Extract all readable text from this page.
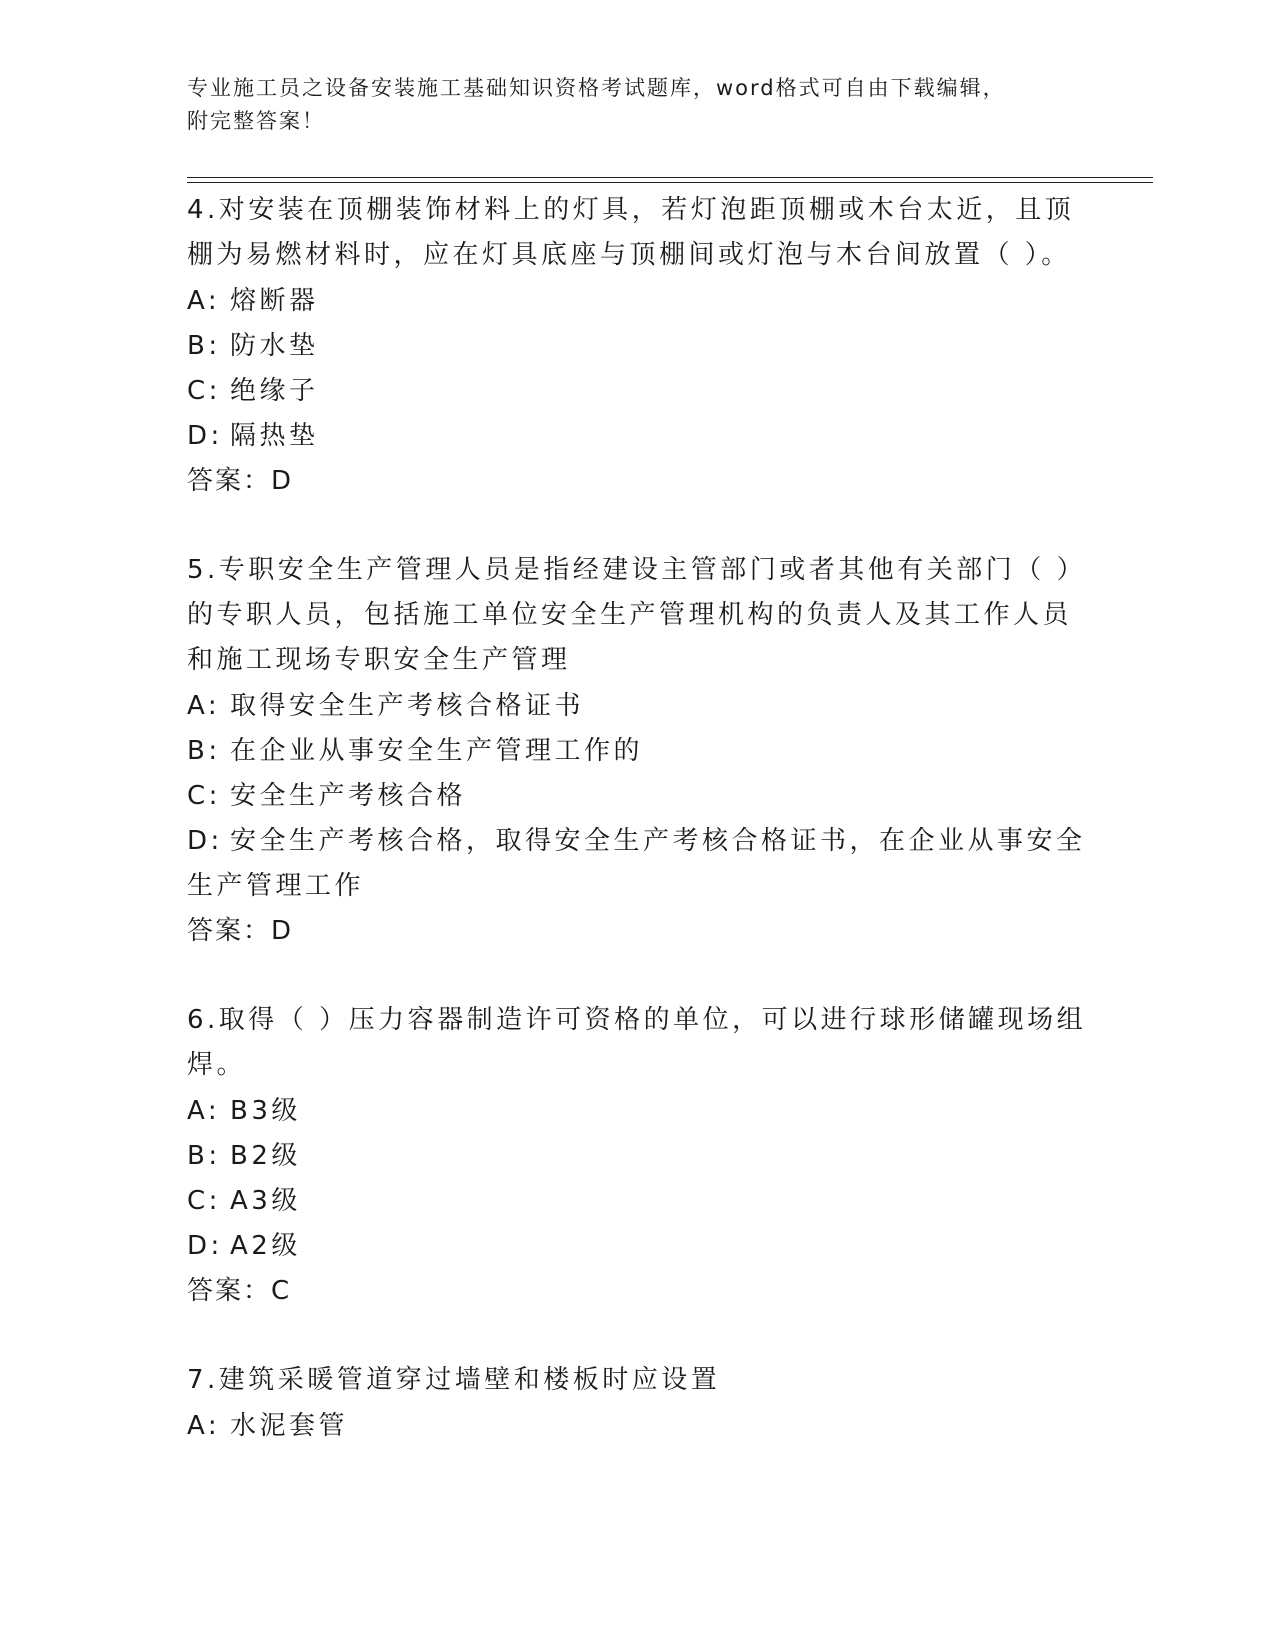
专业施工员之设备安装施工基础知识资格考试题库，word格式可自由下载编辑，
附完整答案！
4.对安装在顶棚装饰材料上的灯具，若灯泡距顶棚或木台太近，且顶棚为易燃材料时，应在灯具底座与顶棚间或灯泡与木台间放置（ ）。
A: 熔断器
B: 防水垫
C: 绝缘子
D: 隔热垫
答案：D
5.专职安全生产管理人员是指经建设主管部门或者其他有关部门（ ）的专职人员，包括施工单位安全生产管理机构的负责人及其工作人员和施工现场专职安全生产管理
A: 取得安全生产考核合格证书
B: 在企业从事安全生产管理工作的
C: 安全生产考核合格
D: 安全生产考核合格，取得安全生产考核合格证书，在企业从事安全生产管理工作
答案：D
6.取得（ ）压力容器制造许可资格的单位，可以进行球形储罐现场组焊。
A: B3级
B: B2级
C: A3级
D: A2级
答案：C
7.建筑采暖管道穿过墙壁和楼板时应设置
A: 水泥套管
